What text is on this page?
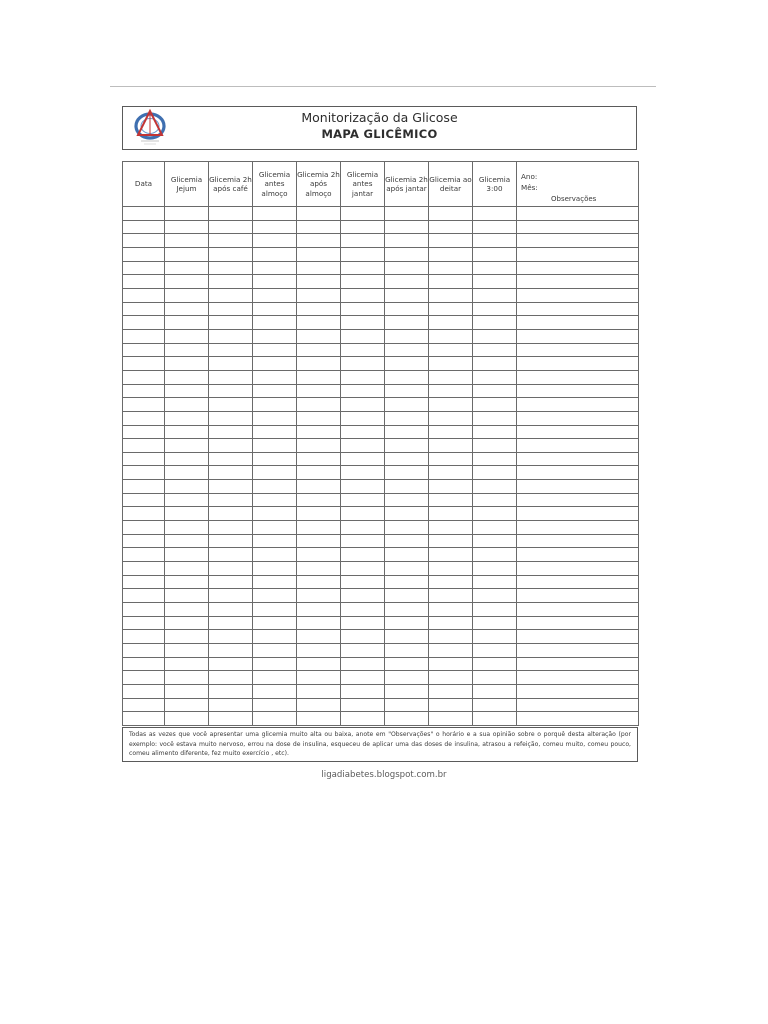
Monitorização da Glicose
MAPA GLICÊMICO
Data	Glicemia Jejum	Glicemia 2h após café	Glicemia antes almoço	Glicemia 2h após almoço	Glicemia antes jantar	Glicemia 2h após jantar	Glicemia ao deitar	Glicemia 3:00	Ano:
Mês:
Observações

Todas as vezes que você apresentar uma glicemia muito alta ou baixa, anote em "Observações" o horário e a sua opinião sobre o porquê desta alteração (por exemplo: você estava muito nervoso, errou na dose de insulina, esqueceu de aplicar uma das doses de insulina, atrasou a refeição, comeu muito, comeu pouco, comeu alimento diferente, fez muito exercício , etc).
ligadiabetes.blogspot.com.br
